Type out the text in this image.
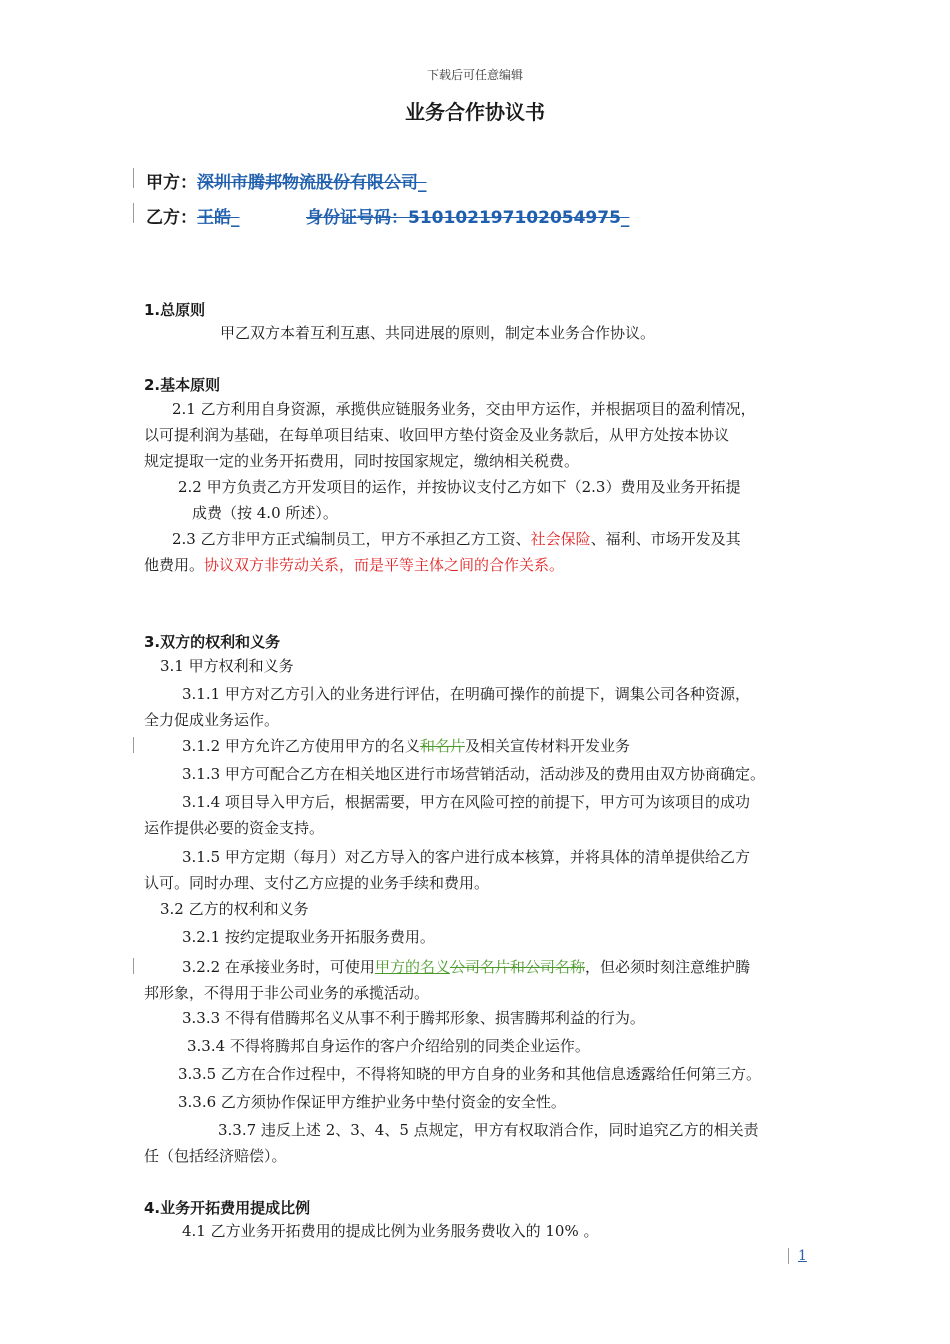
下载后可任意编辑
业务合作协议书
甲方：深圳市腾邦物流股份有限公司_
乙方：王皓_	身份证号码：510102197102054975_
1.总原则
甲乙双方本着互利互惠、共同进展的原则，制定本业务合作协议。
2.基本原则
2.1 乙方利用自身资源，承揽供应链服务业务，交由甲方运作，并根据项目的盈利情况，
以可提利润为基础，在每单项目结束、收回甲方垫付资金及业务款后，从甲方处按本协议
规定提取一定的业务开拓费用，同时按国家规定，缴纳相关税费。
2.2 甲方负责乙方开发项目的运作，并按协议支付乙方如下（2.3）费用及业务开拓提
成费（按 4.0 所述）。
2.3 乙方非甲方正式编制员工，甲方不承担乙方工资、社会保险、福利、市场开发及其
他费用。协议双方非劳动关系，而是平等主体之间的合作关系。
3.双方的权利和义务
3.1 甲方权利和义务
3.1.1 甲方对乙方引入的业务进行评估，在明确可操作的前提下，调集公司各种资源，
全力促成业务运作。
3.1.2 甲方允许乙方使用甲方的名义和名片及相关宣传材料开发业务
3.1.3 甲方可配合乙方在相关地区进行市场营销活动，活动涉及的费用由双方协商确定。
3.1.4 项目导入甲方后，根据需要，甲方在风险可控的前提下，甲方可为该项目的成功
运作提供必要的资金支持。
3.1.5 甲方定期（每月）对乙方导入的客户进行成本核算，并将具体的清单提供给乙方
认可。同时办理、支付乙方应提的业务手续和费用。
3.2 乙方的权利和义务
3.2.1 按约定提取业务开拓服务费用。
3.2.2 在承接业务时，可使用甲方的名义公司名片和公司名称，但必须时刻注意维护腾
邦形象，不得用于非公司业务的承揽活动。
3.3.3 不得有借腾邦名义从事不利于腾邦形象、损害腾邦利益的行为。
3.3.4 不得将腾邦自身运作的客户介绍给别的同类企业运作。
3.3.5 乙方在合作过程中，不得将知晓的甲方自身的业务和其他信息透露给任何第三方。
3.3.6 乙方须协作保证甲方维护业务中垫付资金的安全性。
3.3.7 违反上述 2、3、4、5 点规定，甲方有权取消合作，同时追究乙方的相关责
任（包括经济赔偿）。
4.业务开拓费用提成比例
4.1 乙方业务开拓费用的提成比例为业务服务费收入的 10% 。
1
